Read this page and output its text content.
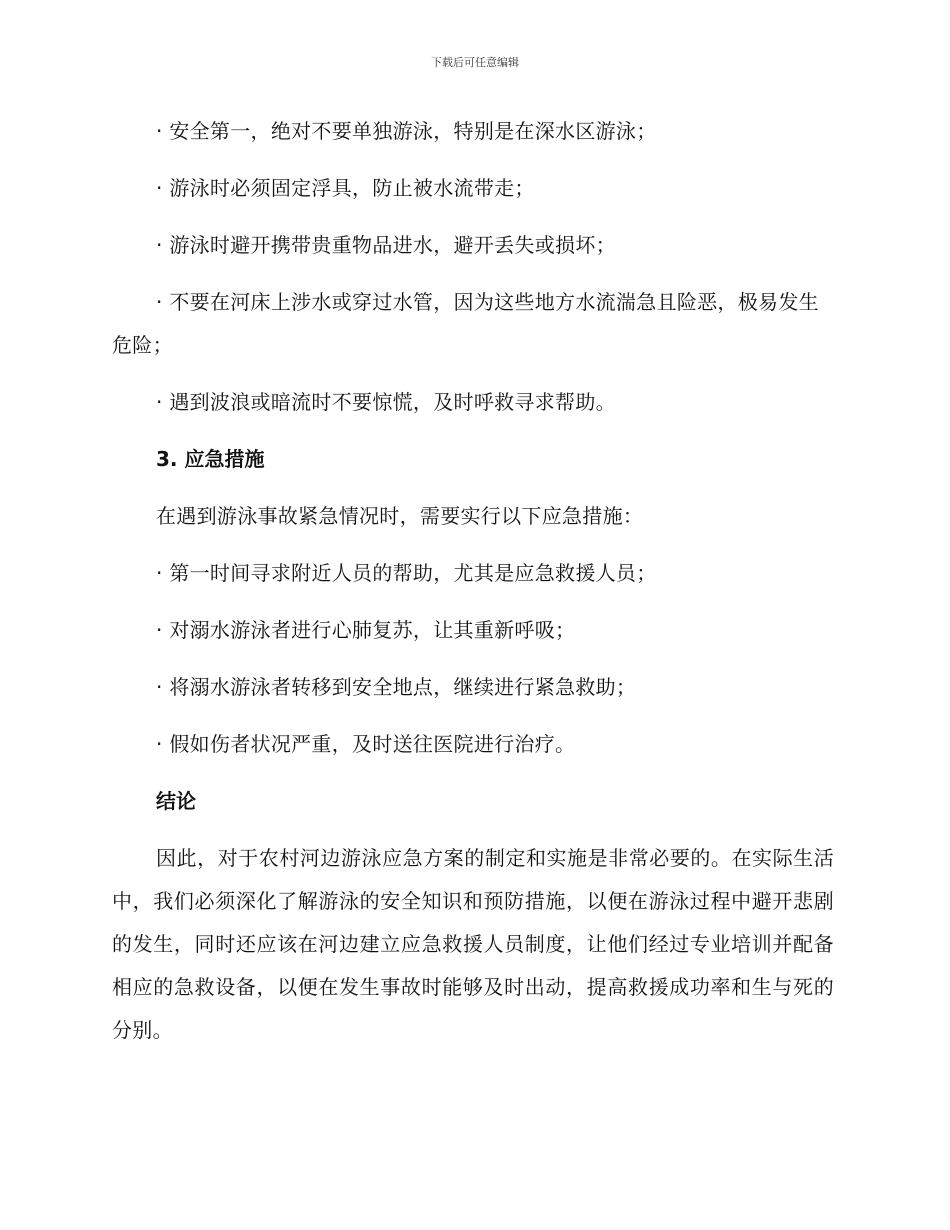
下载后可任意编辑

· 安全第一，绝对不要单独游泳，特别是在深水区游泳；

· 游泳时必须固定浮具，防止被水流带走；

· 游泳时避开携带贵重物品进水，避开丢失或损坏；

· 不要在河床上涉水或穿过水管，因为这些地方水流湍急且险恶，极易发生危险；

· 遇到波浪或暗流时不要惊慌，及时呼救寻求帮助。

3. 应急措施

在遇到游泳事故紧急情况时，需要实行以下应急措施：

· 第一时间寻求附近人员的帮助，尤其是应急救援人员；

· 对溺水游泳者进行心肺复苏，让其重新呼吸；

· 将溺水游泳者转移到安全地点，继续进行紧急救助；

· 假如伤者状况严重，及时送往医院进行治疗。

结论

因此，对于农村河边游泳应急方案的制定和实施是非常必要的。在实际生活中，我们必须深化了解游泳的安全知识和预防措施，以便在游泳过程中避开悲剧的发生，同时还应该在河边建立应急救援人员制度，让他们经过专业培训并配备相应的急救设备，以便在发生事故时能够及时出动，提高救援成功率和生与死的分别。
